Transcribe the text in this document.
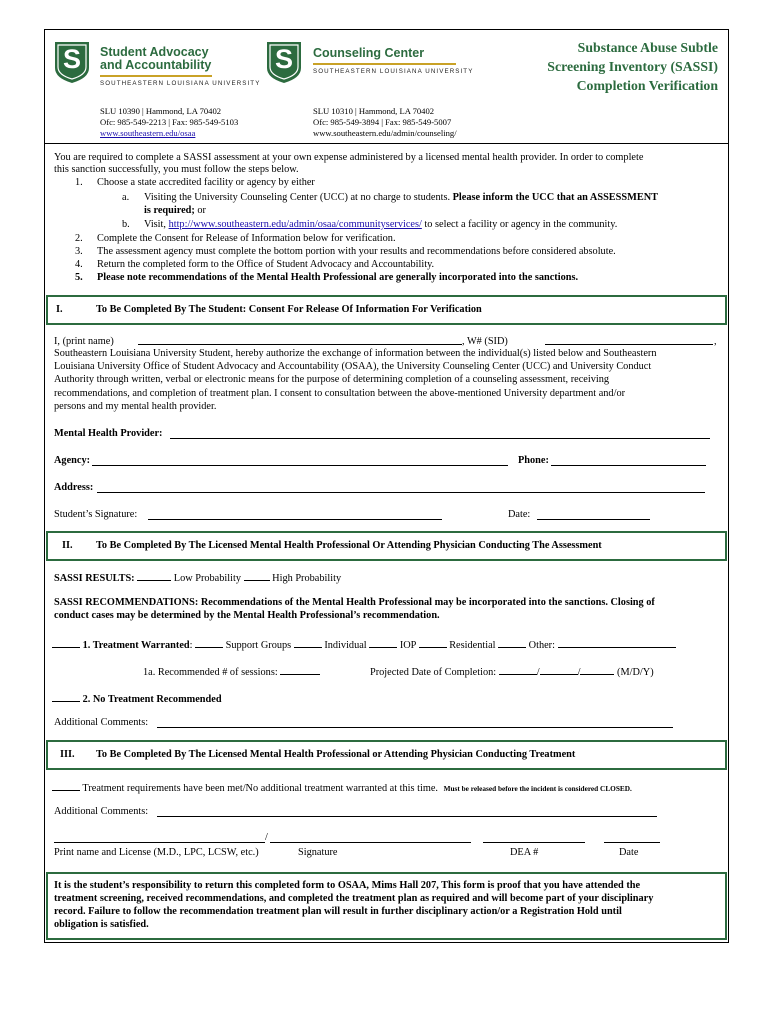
S	Student Advocacy
and Accountability
SOUTHEASTERN LOUISIANA UNIVERSITY
S	Counseling Center
SOUTHEASTERN LOUISIANA UNIVERSITY
SLU 10390 | Hammond, LA 70402
Ofc: 985-549-2213 | Fax: 985-549-5103
www.southeastern.edu/osaa
SLU 10310 | Hammond, LA 70402
Ofc: 985-549-3894 | Fax: 985-549-5007
www.southeastern.edu/admin/counseling/
Substance Abuse Subtle
Screening Inventory (SASSI)
Completion Verification
You are required to complete a SASSI assessment at your own expense administered by a licensed mental health provider. In order to complete
this sanction successfully, you must follow the steps below.
1. Choose a state accredited facility or agency by either
a. Visiting the University Counseling Center (UCC) at no charge to students. Please inform the UCC that an ASSESSMENT
is required; or
b. Visit, http://www.southeastern.edu/admin/osaa/communityservices/ to select a facility or agency in the community.
2. Complete the Consent for Release of Information below for verification.
3. The assessment agency must complete the bottom portion with your results and recommendations before considered absolute.
4. Return the completed form to the Office of Student Advocacy and Accountability.
5. Please note recommendations of the Mental Health Professional are generally incorporated into the sanctions.
I.	To Be Completed By The Student: Consent For Release Of Information For Verification
I, (print name)	, W# (SID)	,
Southeastern Louisiana University Student, hereby authorize the exchange of information between the individual(s) listed below and Southeastern
Louisiana University Office of Student Advocacy and Accountability (OSAA), the University Counseling Center (UCC) and University Conduct
Authority through written, verbal or electronic means for the purpose of determining completion of a counseling assessment, receiving
recommendations, and completion of treatment plan. I consent to consultation between the above-mentioned University department and/or
persons and my mental health provider.
Mental Health Provider:
Agency:	Phone:
Address:
Student’s Signature:	Date:
II. To Be Completed By The Licensed Mental Health Professional Or Attending Physician Conducting The Assessment
SASSI RESULTS:	Low Probability	High Probability
SASSI RECOMMENDATIONS: Recommendations of the Mental Health Professional may be incorporated into the sanctions. Closing of
conduct cases may be determined by the Mental Health Professional’s recommendation.
1. Treatment Warranted:	Support Groups	Individual	IOP	Residential	Other:
1a. Recommended # of sessions:	Projected Date of Completion:	/	/	(M/D/Y)
2. No Treatment Recommended
Additional Comments:
III. To Be Completed By The Licensed Mental Health Professional or Attending Physician Conducting Treatment
Treatment requirements have been met/No additional treatment warranted at this time. Must be released before the incident is considered CLOSED.
Additional Comments:
/
Print name and License (M.D., LPC, LCSW, etc.)	Signature	DEA #	Date
It is the student’s responsibility to return this completed form to OSAA, Mims Hall 207, This form is proof that you have attended the
treatment screening, received recommendations, and completed the treatment plan as required and will become part of your disciplinary
record. Failure to follow the recommendation treatment plan will result in further disciplinary action/or a Registration Hold until
obligation is satisfied.
